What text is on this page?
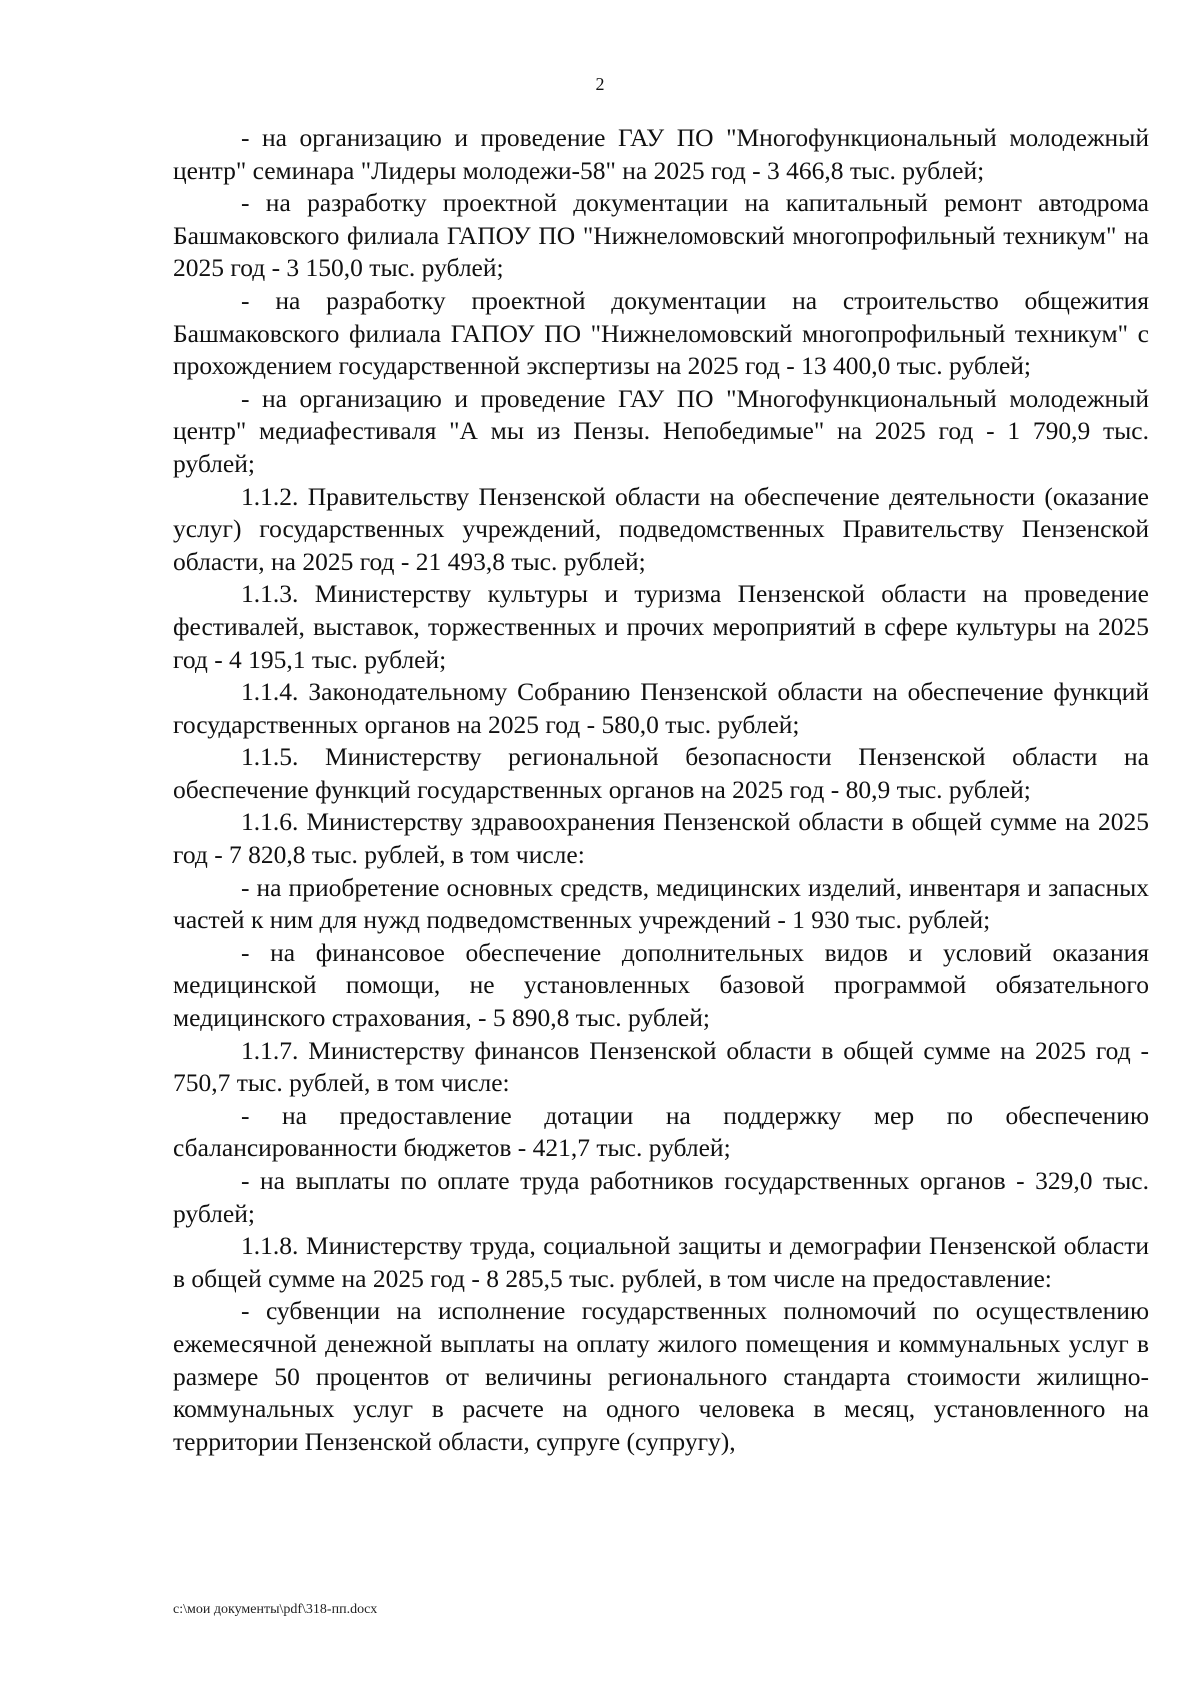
2

- на организацию и проведение ГАУ ПО "Многофункциональный молодежный центр" семинара "Лидеры молодежи-58" на 2025 год - 3 466,8 тыс. рублей;

- на разработку проектной документации на капитальный ремонт автодрома Башмаковского филиала ГАПОУ ПО "Нижнеломовский многопрофильный техникум" на 2025 год - 3 150,0 тыс. рублей;

- на разработку проектной документации на строительство общежития Башмаковского филиала ГАПОУ ПО "Нижнеломовский многопрофильный техникум" с прохождением государственной экспертизы на 2025 год - 13 400,0 тыс. рублей;

- на организацию и проведение ГАУ ПО "Многофункциональный молодежный центр" медиафестиваля "А мы из Пензы. Непобедимые" на 2025 год - 1 790,9 тыс. рублей;

1.1.2. Правительству Пензенской области на обеспечение деятельности (оказание услуг) государственных учреждений, подведомственных Правительству Пензенской области, на 2025 год - 21 493,8 тыс. рублей;

1.1.3. Министерству культуры и туризма Пензенской области на проведение фестивалей, выставок, торжественных и прочих мероприятий в сфере культуры на 2025 год - 4 195,1 тыс. рублей;

1.1.4. Законодательному Собранию Пензенской области на обеспечение функций государственных органов на 2025 год - 580,0 тыс. рублей;

1.1.5. Министерству региональной безопасности Пензенской области на обеспечение функций государственных органов на 2025 год - 80,9 тыс. рублей;

1.1.6. Министерству здравоохранения Пензенской области в общей сумме на 2025 год - 7 820,8 тыс. рублей, в том числе:

- на приобретение основных средств, медицинских изделий, инвентаря и запасных частей к ним для нужд подведомственных учреждений - 1 930 тыс. рублей;

- на финансовое обеспечение дополнительных видов и условий оказания медицинской помощи, не установленных базовой программой обязательного медицинского страхования, - 5 890,8 тыс. рублей;

1.1.7. Министерству финансов Пензенской области в общей сумме на 2025 год - 750,7 тыс. рублей, в том числе:

- на предоставление дотации на поддержку мер по обеспечению сбалансированности бюджетов - 421,7 тыс. рублей;

- на выплаты по оплате труда работников государственных органов - 329,0 тыс. рублей;

1.1.8. Министерству труда, социальной защиты и демографии Пензенской области в общей сумме на 2025 год - 8 285,5 тыс. рублей, в том числе на предоставление:

- субвенции на исполнение государственных полномочий по осуществлению ежемесячной денежной выплаты на оплату жилого помещения и коммунальных услуг в размере 50 процентов от величины регионального стандарта стоимости жилищно-коммунальных услуг в расчете на одного человека в месяц, установленного на территории Пензенской области, супруге (супругу),

c:\мои документы\pdf\318-пп.docx
